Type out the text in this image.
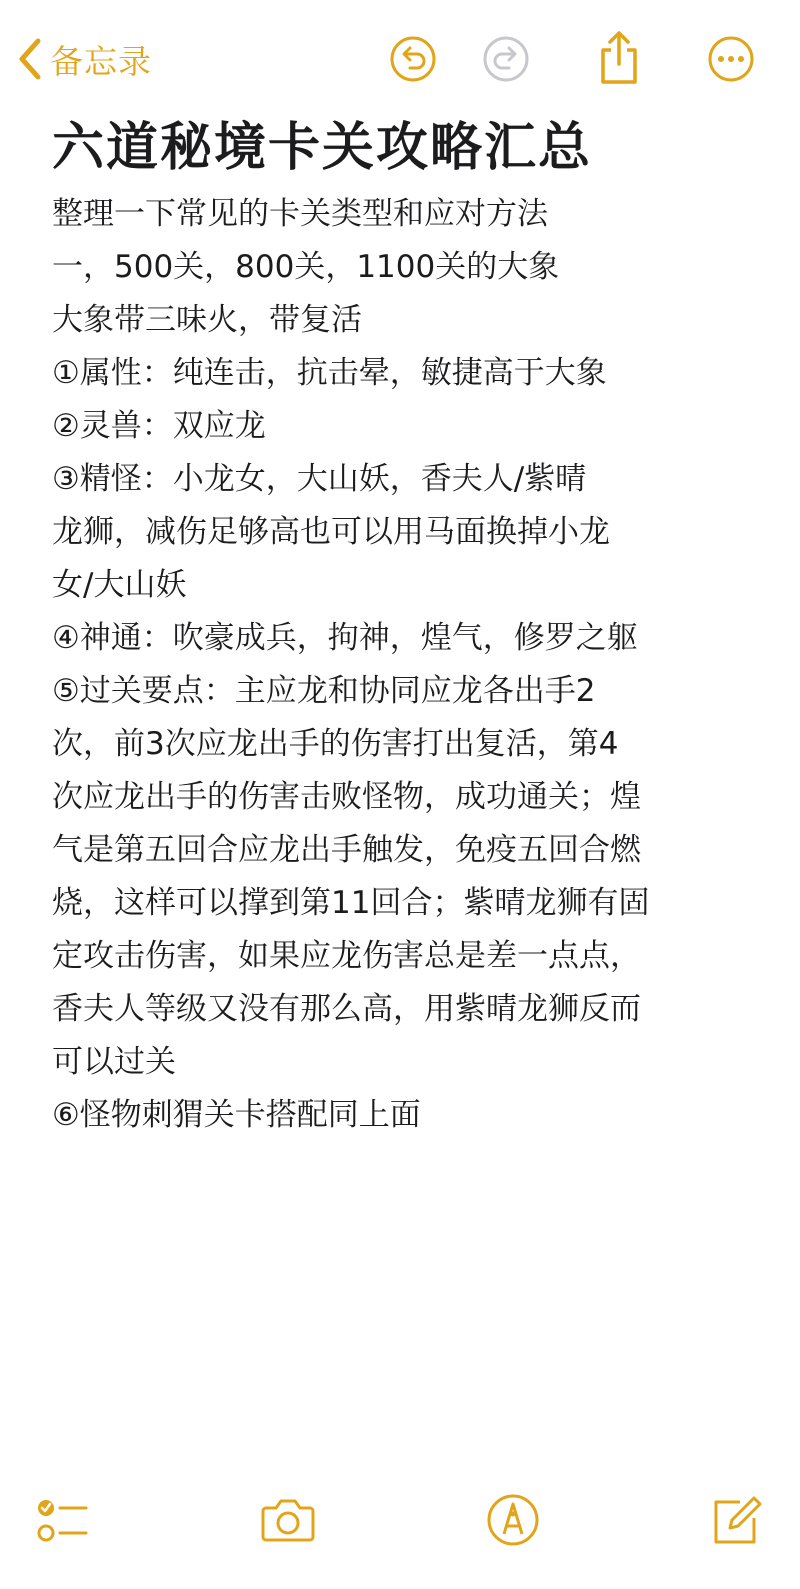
备忘录
六道秘境卡关攻略汇总
整理一下常见的卡关类型和应对方法
一，500关，800关，1100关的大象
大象带三味火，带复活
①属性：纯连击，抗击晕，敏捷高于大象
②灵兽：双应龙
③精怪：小龙女，大山妖，香夫人/紫晴
龙狮，减伤足够高也可以用马面换掉小龙
女/大山妖
④神通：吹豪成兵，拘神，煌气，修罗之躯
⑤过关要点：主应龙和协同应龙各出手2
次，前3次应龙出手的伤害打出复活，第4
次应龙出手的伤害击败怪物，成功通关；煌
气是第五回合应龙出手触发，免疫五回合燃
烧，这样可以撑到第11回合；紫晴龙狮有固
定攻击伤害，如果应龙伤害总是差一点点，
香夫人等级又没有那么高，用紫晴龙狮反而
可以过关
⑥怪物刺猬关卡搭配同上面
